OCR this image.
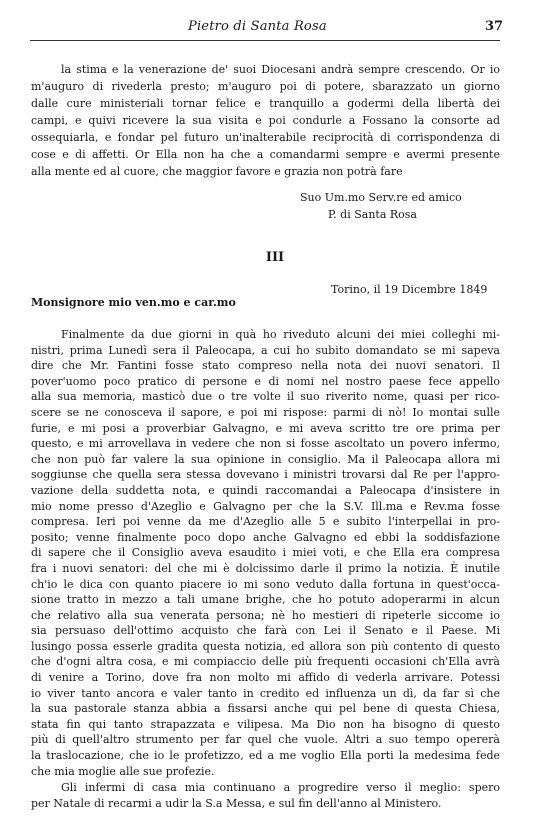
Pietro di Santa Rosa	37
la stima e la venerazione de' suoi Diocesani andrà sempre crescendo. Or io
m'auguro di rivederla presto; m'auguro poi di potere, sbarazzato un giorno
dalle cure ministeriali tornar felice e tranquillo a godermi della libertà dei
campi, e quivi ricevere la sua visita e poi condurle a Fossano la consorte ad
ossequiarla, e fondar pel futuro un'inalterabile reciprocità di corrispondenza di
cose e di affetti. Or Ella non ha che a comandarmi sempre e avermi presente
alla mente ed al cuore, che maggior favore e grazia non potrà fare
Suo Um.mo Serv.re ed amico
P. di Santa Rosa
III
Torino, il 19 Dicembre 1849
Monsignore mio ven.mo e car.mo
Finalmente da due giorni in quà ho riveduto alcuni dei miei colleghi mi-
nistri, prima Lunedì sera il Paleocapa, a cui ho subito domandato se mi sapeva
dire che Mr. Fantini fosse stato compreso nella nota dei nuovi senatori. Il
pover'uomo poco pratico di persone e di nomi nel nostro paese fece appello
alla sua memoria, masticò due o tre volte il suo riverito nome, quasi per rico-
scere se ne conosceva il sapore, e poi mi rispose: parmi di nò! Io montai sulle
furie, e mi posi a proverbiar Galvagno, e mi aveva scritto tre ore prima per
questo, e mi arrovellava in vedere che non si fosse ascoltato un povero infermo,
che non può far valere la sua opinione in consiglio. Ma il Paleocapa allora mi
soggiunse che quella sera stessa dovevano i ministri trovarsi dal Re per l'appro-
vazione della suddetta nota, e quindi raccomandai a Paleocapa d'insistere in
mio nome presso d'Azeglio e Galvagno per che la S.V. Ill.ma e Rev.ma fosse
compresa. Ieri poi venne da me d'Azeglio alle 5 e subito l'interpellai in pro-
posito; venne finalmente poco dopo anche Galvagno ed ebbi la soddisfazione
di sapere che il Consiglio aveva esaudito i miei voti, e che Ella era compresa
fra i nuovi senatori: del che mi è dolcissimo darle il primo la notizia. È inutile
ch'io le dica con quanto piacere io mi sono veduto dalla fortuna in quest'occa-
sione tratto in mezzo a tali umane brighe, che ho potuto adoperarmi in alcun
che relativo alla sua venerata persona; nè ho mestieri di ripeterle siccome io
sia persuaso dell'ottimo acquisto che farà con Lei il Senato e il Paese. Mi
lusingo possa esserle gradita questa notizia, ed allora son più contento di questo
che d'ogni altra cosa, e mi compiaccio delle più frequenti occasioni ch'Ella avrà
di venire a Torino, dove fra non molto mi affido di vederla arrivare. Potessi
io viver tanto ancora e valer tanto in credito ed influenza un dì, da far sì che
la sua pastorale stanza abbia a fissarsi anche qui pel bene di questa Chiesa,
stata fin qui tanto strapazzata e vilipesa. Ma Dio non ha bisogno di questo
più di quell'altro strumento per far quel che vuole. Altri a suo tempo opererà
la traslocazione, che io le profetizzo, ed a me voglio Ella porti la medesima fede
che mia moglie alle sue profezie.
Gli infermi di casa mia continuano a progredire verso il meglio: spero
per Natale di recarmi a udir la S.a Messa, e sul fin dell'anno al Ministero.
